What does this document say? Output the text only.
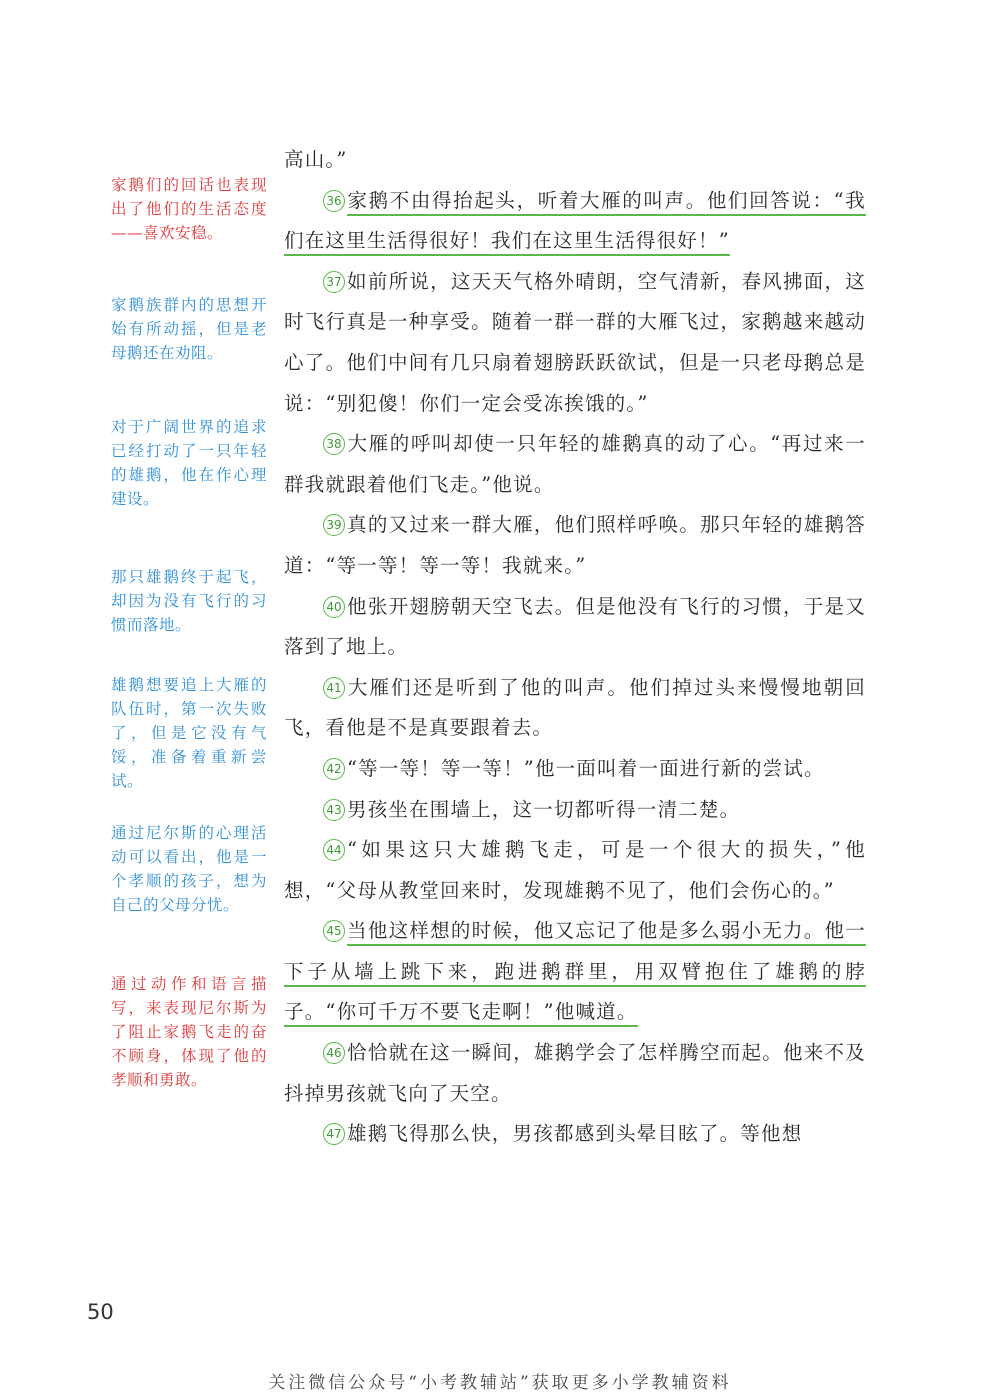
家鹅们的回话也表现出了他们的生活态度——喜欢安稳。
家鹅族群内的思想开始有所动摇，但是老母鹅还在劝阻。
对于广阔世界的追求已经打动了一只年轻的雄鹅，他在作心理建设。
那只雄鹅终于起飞，却因为没有飞行的习惯而落地。
雄鹅想要追上大雁的队伍时，第一次失败了，但是它没有气馁，准备着重新尝试。
通过尼尔斯的心理活动可以看出，他是一个孝顺的孩子，想为自己的父母分忧。
通过动作和语言描写，来表现尼尔斯为了阻止家鹅飞走的奋不顾身，体现了他的孝顺和勇敢。

高山。”

36 家鹅不由得抬起头，听着大雁的叫声。他们回答说：“我们在这里生活得很好！我们在这里生活得很好！”

37 如前所说，这天天气格外晴朗，空气清新，春风拂面，这时飞行真是一种享受。随着一群一群的大雁飞过，家鹅越来越动心了。他们中间有几只扇着翅膀跃跃欲试，但是一只老母鹅总是说：“别犯傻！你们一定会受冻挨饿的。”

38 大雁的呼叫却使一只年轻的雄鹅真的动了心。“再过来一群我就跟着他们飞走。”他说。

39 真的又过来一群大雁，他们照样呼唤。那只年轻的雄鹅答道：“等一等！等一等！我就来。”

40 他张开翅膀朝天空飞去。但是他没有飞行的习惯，于是又落到了地上。

41 大雁们还是听到了他的叫声。他们掉过头来慢慢地朝回飞，看他是不是真要跟着去。

42 “等一等！等一等！”他一面叫着一面进行新的尝试。

43 男孩坐在围墙上，这一切都听得一清二楚。

44 “如果这只大雄鹅飞走，可是一个很大的损失，”他想，“父母从教堂回来时，发现雄鹅不见了，他们会伤心的。”

45 当他这样想的时候，他又忘记了他是多么弱小无力。他一下子从墙上跳下来，跑进鹅群里，用双臂抱住了雄鹅的脖子。“你可千万不要飞走啊！”他喊道。

46 恰恰就在这一瞬间，雄鹅学会了怎样腾空而起。他来不及抖掉男孩就飞向了天空。

47 雄鹅飞得那么快，男孩都感到头晕目眩了。等他想

50
关注微信公众号“小考教辅站”获取更多小学教辅资料
